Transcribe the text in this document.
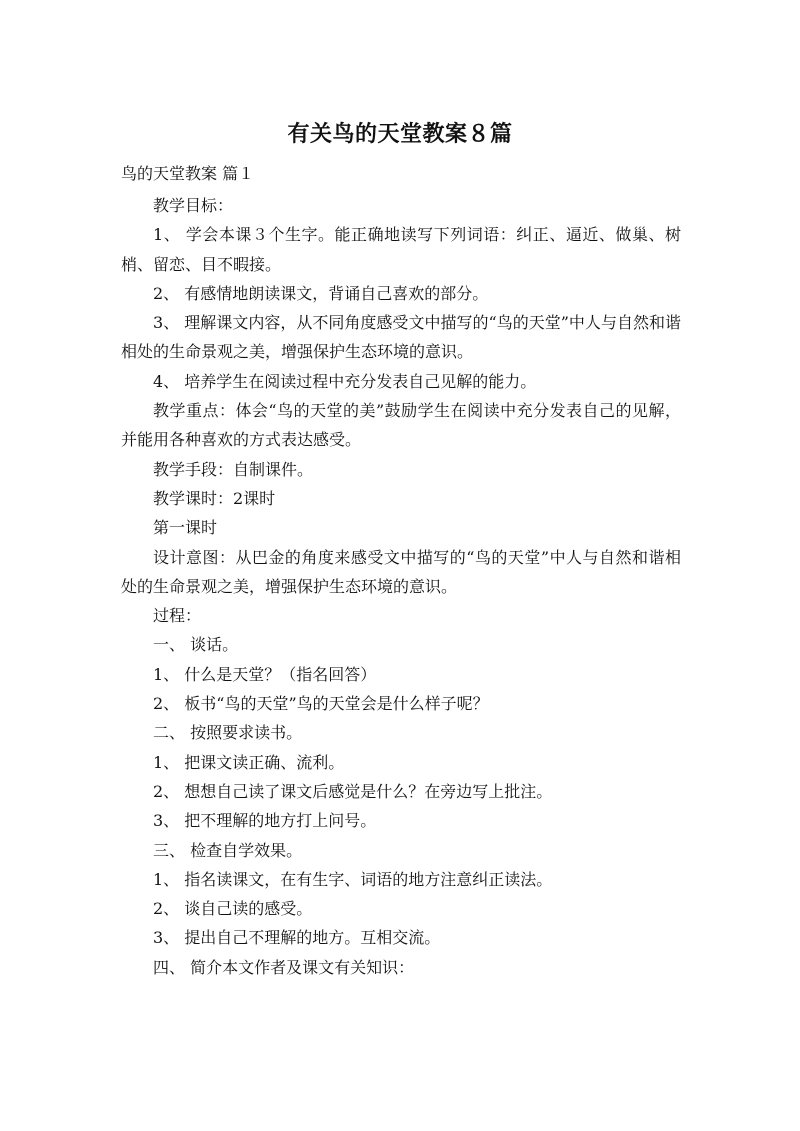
有关鸟的天堂教案８篇
鸟的天堂教案 篇１

教学目标：

1、 学会本课３个生字。能正确地读写下列词语：纠正、逼近、做巢、树梢、留恋、目不暇接。

2、 有感情地朗读课文，背诵自己喜欢的部分。

3、 理解课文内容，从不同角度感受文中描写的“鸟的天堂”中人与自然和谐相处的生命景观之美，增强保护生态环境的意识。

4、 培养学生在阅读过程中充分发表自己见解的能力。

教学重点：体会“鸟的天堂的美”鼓励学生在阅读中充分发表自己的见解，并能用各种喜欢的方式表达感受。

教学手段：自制课件。

教学课时：2课时

第一课时

设计意图：从巴金的角度来感受文中描写的“鸟的天堂”中人与自然和谐相处的生命景观之美，增强保护生态环境的意识。

过程：

一、 谈话。

1、 什么是天堂？（指名回答）

2、 板书“鸟的天堂”鸟的天堂会是什么样子呢？

二、 按照要求读书。

1、 把课文读正确、流利。

2、 想想自己读了课文后感觉是什么？在旁边写上批注。

3、 把不理解的地方打上问号。

三、 检查自学效果。

1、 指名读课文，在有生字、词语的地方注意纠正读法。

2、 谈自己读的感受。

3、 提出自己不理解的地方。互相交流。

四、 简介本文作者及课文有关知识：
